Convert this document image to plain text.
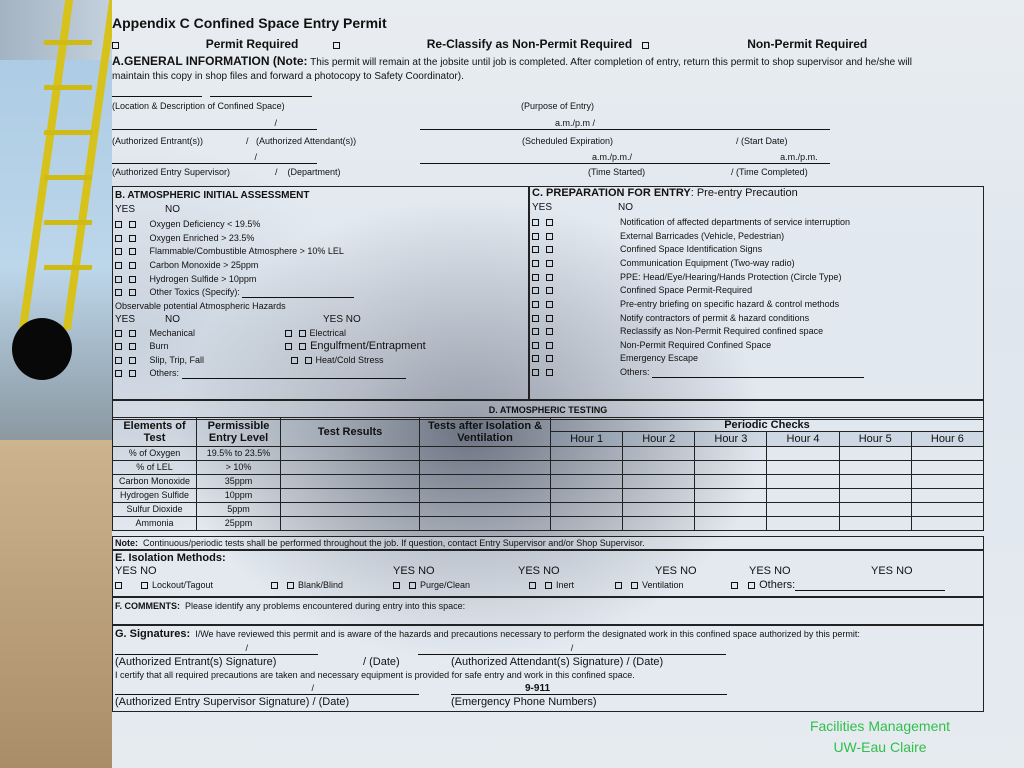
Appendix C Confined Space Entry Permit
Permit Required	Re-Classify as Non-Permit Required	Non-Permit Required
A.GENERAL INFORMATION (Note: This permit will remain at the jobsite until job is completed. After completion of entry, return this permit to shop supervisor and he/she will
maintain this copy in shop files and forward a photocopy to Safety Coordinator).

(Location & Description of Confined Space)	(Purpose of Entry)
/	a.m./p.m /
(Authorized Entrant(s))	/   (Authorized Attendant(s))	(Scheduled Expiration)	/ (Start Date)
/	a.m./p.m./	a.m./p.m.
(Authorized Entry Supervisor)	/    (Department)	(Time Started)	/ (Time Completed)
B. ATMOSPHERIC INITIAL ASSESSMENT
YES	NO
Oxygen Deficiency < 19.5%
Oxygen Enriched > 23.5%
Flammable/Combustible Atmosphere > 10% LEL
Carbon Monoxide > 25ppm
Hydrogen Sulfide > 10ppm
Other Toxics (Specify):
Observable potential Atmospheric Hazards
YES	NO	YES NO
Mechanical	Electrical
Burn	Engulfment/Entrapment
Slip, Trip, Fall	Heat/Cold Stress
Others:
C. PREPARATION FOR ENTRY: Pre-entry Precaution
YES	NO

Notification of affected departments of service interruption

External Barricades (Vehicle, Pedestrian)

Confined Space Identification Signs

Communication Equipment (Two-way radio)

PPE: Head/Eye/Hearing/Hands Protection (Circle Type)

Confined Space Permit-Required

Pre-entry briefing on specific hazard & control methods

Notify contractors of permit & hazard conditions

Reclassify as Non-Permit Required confined space

Non-Permit Required Confined Space

Emergency Escape

Others:
D. ATMOSPHERIC TESTING
Elements of Test	Permissible Entry Level	Test Results	Tests after Isolation & Ventilation	Periodic Checks					
				Hour 1	Hour 2	Hour 3	Hour 4	Hour 5	Hour 6
% of Oxygen	19.5% to 23.5%								
% of LEL	> 10%								
Carbon Monoxide	35ppm								
Hydrogen Sulfide	10ppm								
Sulfur Dioxide	5ppm								
Ammonia	25ppm								
Note: Continuous/periodic tests shall be performed throughout the job. If question, contact Entry Supervisor and/or Shop Supervisor.
E. Isolation Methods:
YES NO	YES NO	YES NO	YES NO	YES NO	YES NO
Lockout/Tagout	Blank/Blind	Purge/Clean	Inert	Ventilation	Others:
F. COMMENTS: Please identify any problems encountered during entry into this space:
G. Signatures: I/We have reviewed this permit and is aware of the hazards and precautions necessary to perform the designated work in this confined space authorized by this permit:
/	/
(Authorized Entrant(s) Signature)	/ (Date)	(Authorized Attendant(s) Signature) / (Date)
I certify that all required precautions are taken and necessary equipment is provided for safe entry and work in this confined space.
/	9-911
(Authorized Entry Supervisor Signature) / (Date)	(Emergency Phone Numbers)
Facilities Management
UW-Eau Claire
